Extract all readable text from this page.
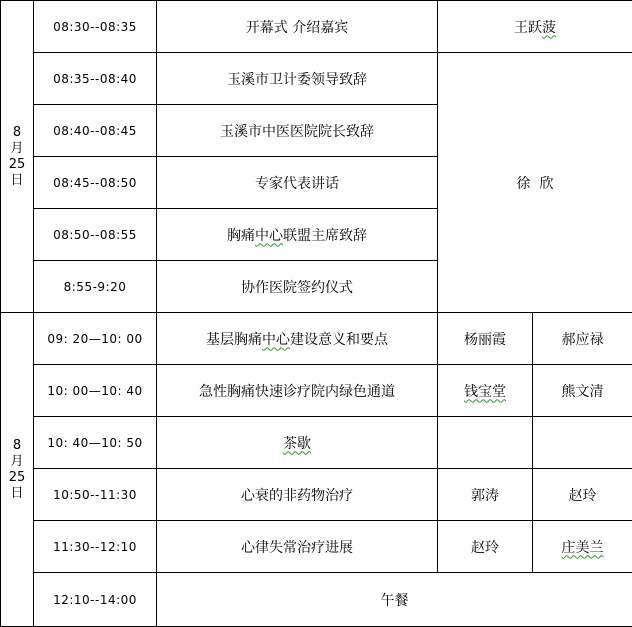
8
月
25
日	08:30--08:35	开幕式 介绍嘉宾	王跃菠	
	08:35--08:40	玉溪市卫计委领导致辞	徐  欣	
	08:40--08:45	玉溪市中医医院院长致辞		
	08:45--08:50	专家代表讲话		
	08:50--08:55	胸痛中心联盟主席致辞		
	8:55-9:20	协作医院签约仪式		

8
月
25
日	09: 20—10: 00	基层胸痛中心建设意义和要点	杨丽霞	郝应禄
	10: 00—10: 40	急性胸痛快速诊疗院内绿色通道	钱宝堂	熊文清
	10: 40—10: 50	茶歇		
	10:50--11:30	心衰的非药物治疗	郭涛	赵玲
	11:30--12:10	心律失常治疗进展	赵玲	庄美兰
	12:10--14:00	午餐		
